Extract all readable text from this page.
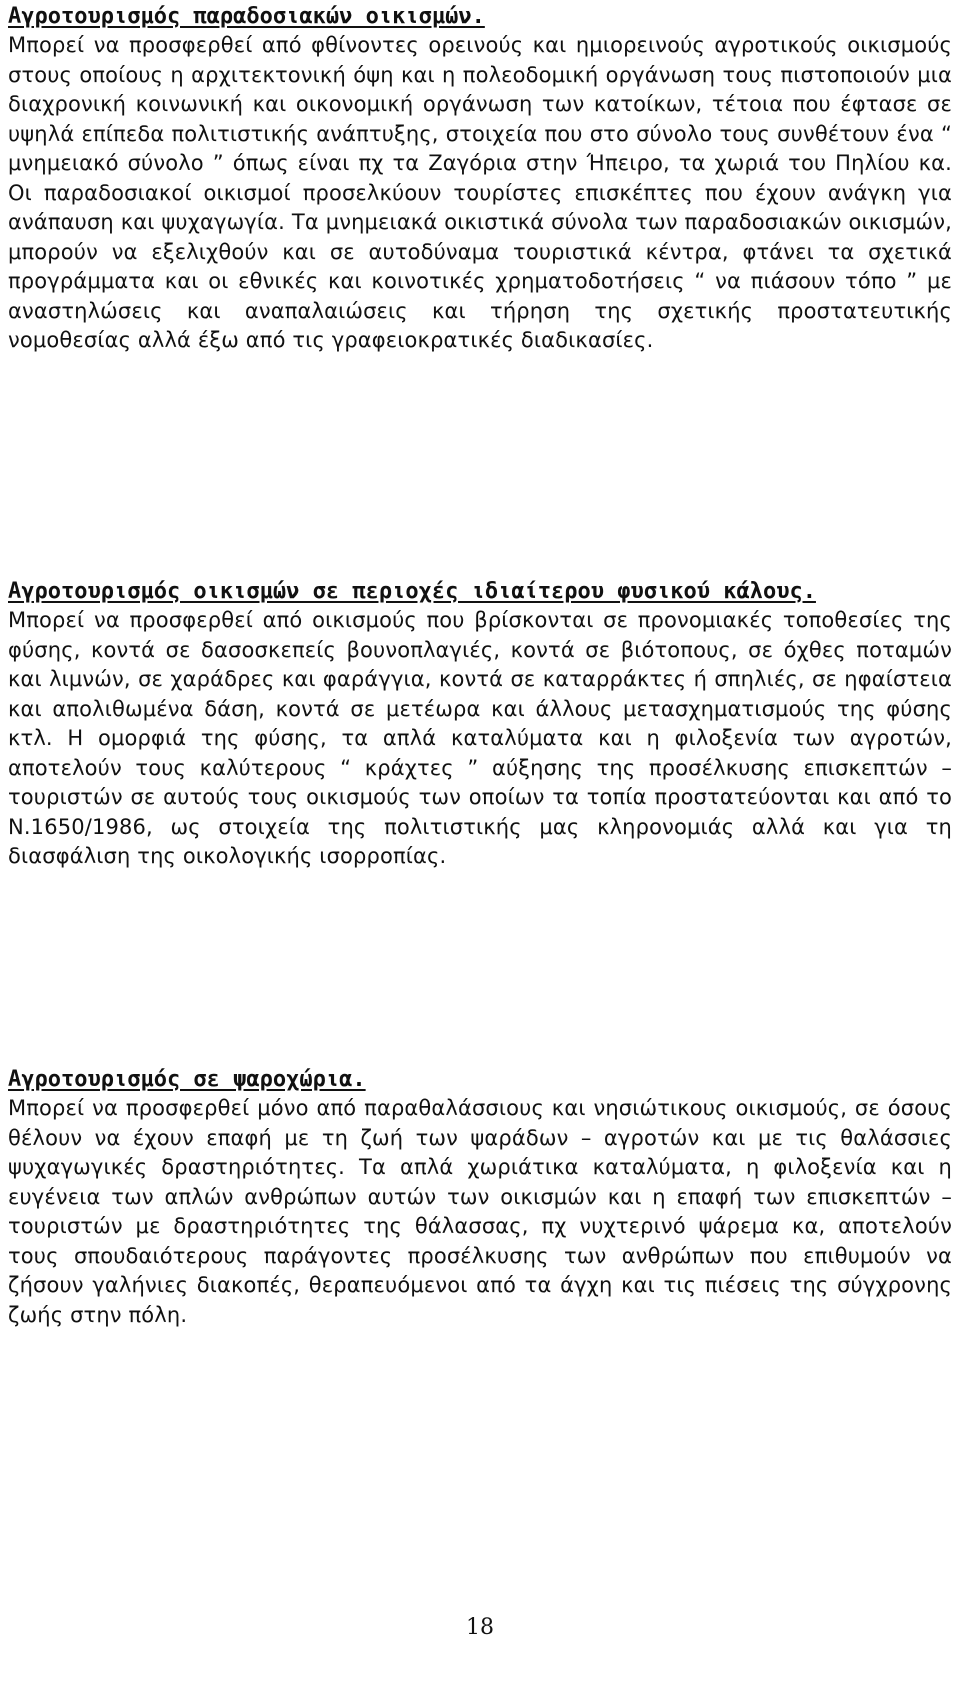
Αγροτουρισμός παραδοσιακών οικισμών.

Μπορεί να προσφερθεί από φθίνοντες ορεινούς και ημιορεινούς αγροτικούς οικισμούς στους οποίους η αρχιτεκτονική όψη και η πολεοδομική οργάνωση τους πιστοποιούν μια διαχρονική κοινωνική και οικονομική οργάνωση των κατοίκων, τέτοια που έφτασε σε υψηλά επίπεδα πολιτιστικής ανάπτυξης, στοιχεία που στο σύνολο τους συνθέτουν ένα “ μνημειακό σύνολο ” όπως είναι πχ τα Ζαγόρια στην Ήπειρο, τα χωριά του Πηλίου κα. Οι παραδοσιακοί οικισμοί προσελκύουν τουρίστες επισκέπτες που έχουν ανάγκη για ανάπαυση και ψυχαγωγία. Τα μνημειακά οικιστικά σύνολα των παραδοσιακών οικισμών, μπορούν να εξελιχθούν και σε αυτοδύναμα τουριστικά κέντρα, φτάνει τα σχετικά προγράμματα και οι εθνικές και κοινοτικές χρηματοδοτήσεις “ να πιάσουν τόπο ” με αναστηλώσεις και αναπαλαιώσεις και τήρηση της σχετικής προστατευτικής νομοθεσίας αλλά έξω από τις γραφειοκρατικές διαδικασίες.

Αγροτουρισμός οικισμών σε περιοχές ιδιαίτερου φυσικού κάλους.

Μπορεί να προσφερθεί από οικισμούς που βρίσκονται σε προνομιακές τοποθεσίες της φύσης, κοντά σε δασοσκεπείς βουνοπλαγιές, κοντά σε βιότοπους, σε όχθες ποταμών και λιμνών, σε χαράδρες και φαράγγια, κοντά σε καταρράκτες ή σπηλιές, σε ηφαίστεια και απολιθωμένα δάση, κοντά σε μετέωρα και άλλους μετασχηματισμούς της φύσης κτλ. Η ομορφιά της φύσης, τα απλά καταλύματα και η φιλοξενία των αγροτών, αποτελούν τους καλύτερους “ κράχτες ” αύξησης της προσέλκυσης επισκεπτών – τουριστών σε αυτούς τους οικισμούς των οποίων τα τοπία προστατεύονται και από το Ν.1650/1986, ως στοιχεία της πολιτιστικής μας κληρονομιάς αλλά και για τη διασφάλιση της οικολογικής ισορροπίας.

Αγροτουρισμός σε ψαροχώρια.

Μπορεί να προσφερθεί μόνο από παραθαλάσσιους και νησιώτικους οικισμούς, σε όσους θέλουν να έχουν επαφή με τη ζωή των ψαράδων – αγροτών και με τις θαλάσσιες ψυχαγωγικές δραστηριότητες. Τα απλά χωριάτικα καταλύματα, η φιλοξενία και η ευγένεια των απλών ανθρώπων αυτών των οικισμών και η επαφή των επισκεπτών – τουριστών με δραστηριότητες της θάλασσας, πχ νυχτερινό ψάρεμα κα, αποτελούν τους σπουδαιότερους παράγοντες προσέλκυσης των ανθρώπων που επιθυμούν να ζήσουν γαλήνιες διακοπές, θεραπευόμενοι από τα άγχη και τις πιέσεις της σύγχρονης ζωής στην πόλη.

18
